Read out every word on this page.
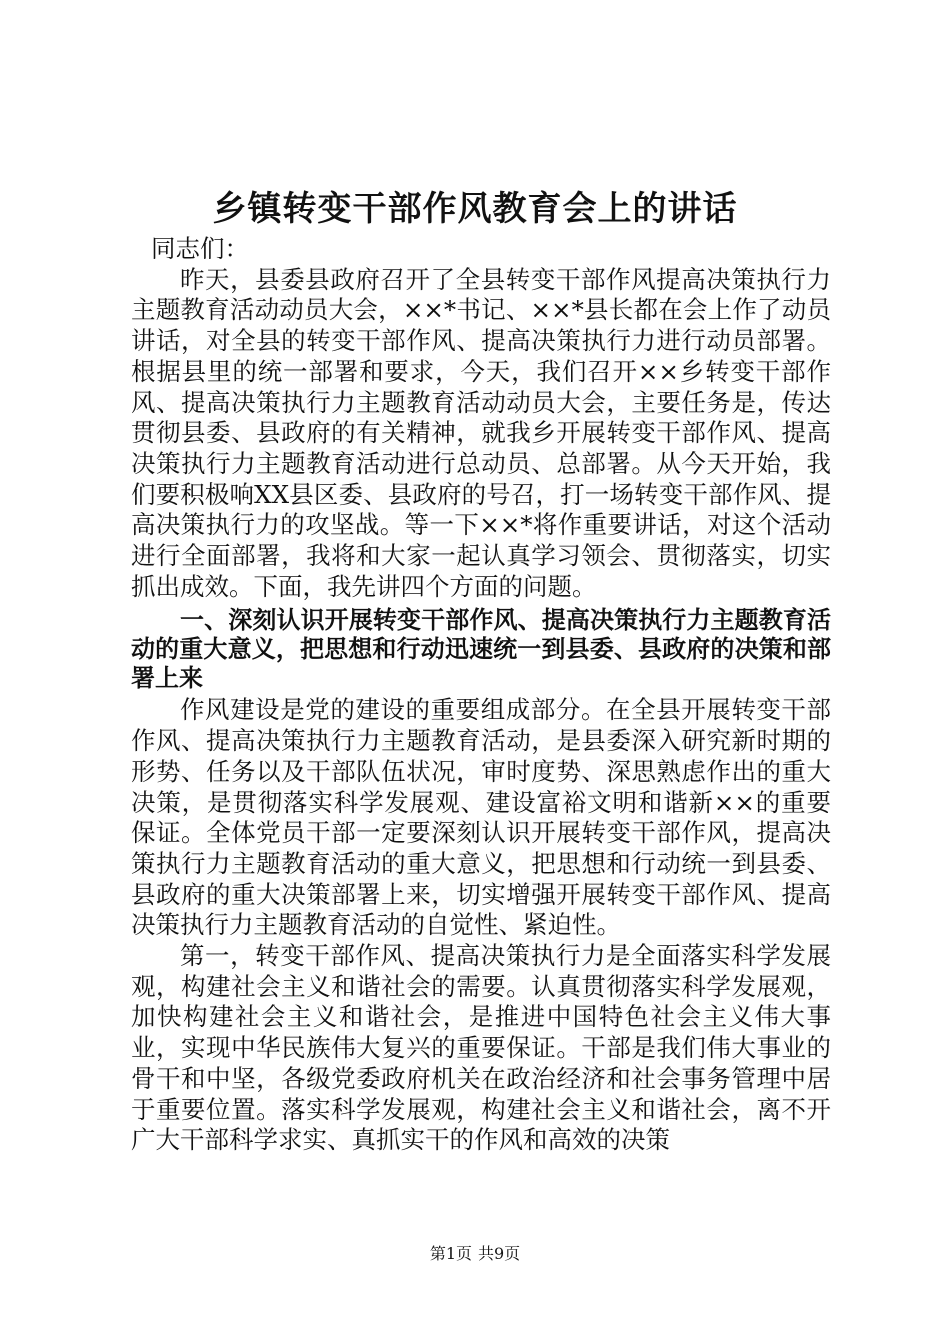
乡镇转变干部作风教育会上的讲话

同志们：

昨天，县委县政府召开了全县转变干部作风提高决策执行力主题教育活动动员大会，××*书记、××*县长都在会上作了动员讲话，对全县的转变干部作风、提高决策执行力进行动员部署。根据县里的统一部署和要求，今天，我们召开××乡转变干部作风、提高决策执行力主题教育活动动员大会，主要任务是，传达贯彻县委、县政府的有关精神，就我乡开展转变干部作风、提高决策执行力主题教育活动进行总动员、总部署。从今天开始，我们要积极响XX县区委、县政府的号召，打一场转变干部作风、提高决策执行力的攻坚战。等一下××*将作重要讲话，对这个活动进行全面部署，我将和大家一起认真学习领会、贯彻落实，切实抓出成效。下面，我先讲四个方面的问题。

一、深刻认识开展转变干部作风、提高决策执行力主题教育活动的重大意义，把思想和行动迅速统一到县委、县政府的决策和部署上来

作风建设是党的建设的重要组成部分。在全县开展转变干部作风、提高决策执行力主题教育活动，是县委深入研究新时期的形势、任务以及干部队伍状况，审时度势、深思熟虑作出的重大决策，是贯彻落实科学发展观、建设富裕文明和谐新××的重要保证。全体党员干部一定要深刻认识开展转变干部作风，提高决策执行力主题教育活动的重大意义，把思想和行动统一到县委、县政府的重大决策部署上来，切实增强开展转变干部作风、提高决策执行力主题教育活动的自觉性、紧迫性。

第一，转变干部作风、提高决策执行力是全面落实科学发展观，构建社会主义和谐社会的需要。认真贯彻落实科学发展观，加快构建社会主义和谐社会，是推进中国特色社会主义伟大事业，实现中华民族伟大复兴的重要保证。干部是我们伟大事业的骨干和中坚，各级党委政府机关在政治经济和社会事务管理中居于重要位置。落实科学发展观，构建社会主义和谐社会，离不开广大干部科学求实、真抓实干的作风和高效的决策

第1页 共9页
